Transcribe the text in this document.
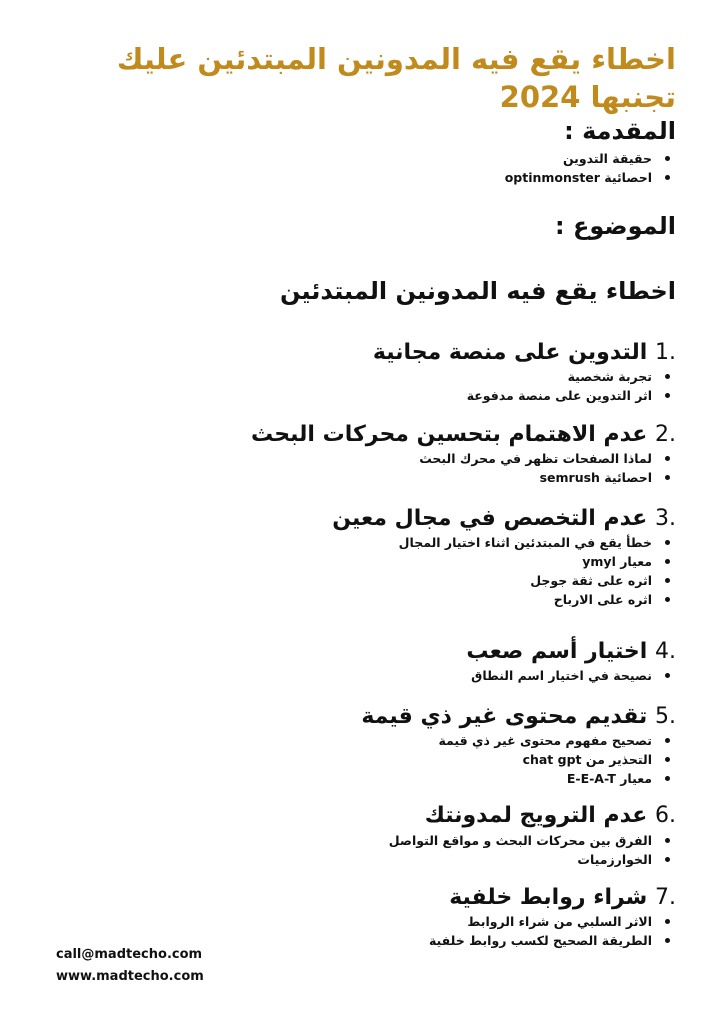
اخطاء يقع فيه المدونين المبتدئين عليك تجنبها 2024
المقدمة :
حقيقة التدوين
احصائية optinmonster
الموضوع :
اخطاء يقع فيه المدونين المبتدئين
1. التدوين على منصة مجانية
تجربة شخصية
اثر التدوين على منصة مدفوعة
2. عدم الاهتمام بتحسين محركات البحث
لماذا الصفحات تظهر في محرك البحث
احصائية semrush
3. عدم التخصص في مجال معين
خطأ يقع في المبتدئين اثناء اختيار المجال
معيار ymyl
اثره على ثقة جوجل
اثره على الارباح
4. اختيار أسم صعب
نصيحة في اختيار اسم النطاق
5. تقديم محتوى غير ذي قيمة
تصحيح مفهوم محتوى غير ذي قيمة
التحذير من chat gpt
معيار E-E-A-T
6. عدم الترويج لمدونتك
الفرق بين محركات البحث و مواقع التواصل
الخوارزميات
7. شراء روابط خلفية
الاثر السلبي من شراء الروابط
الطريقة الصحيح لكسب روابط خلفية
call@madtecho.com
www.madtecho.com
